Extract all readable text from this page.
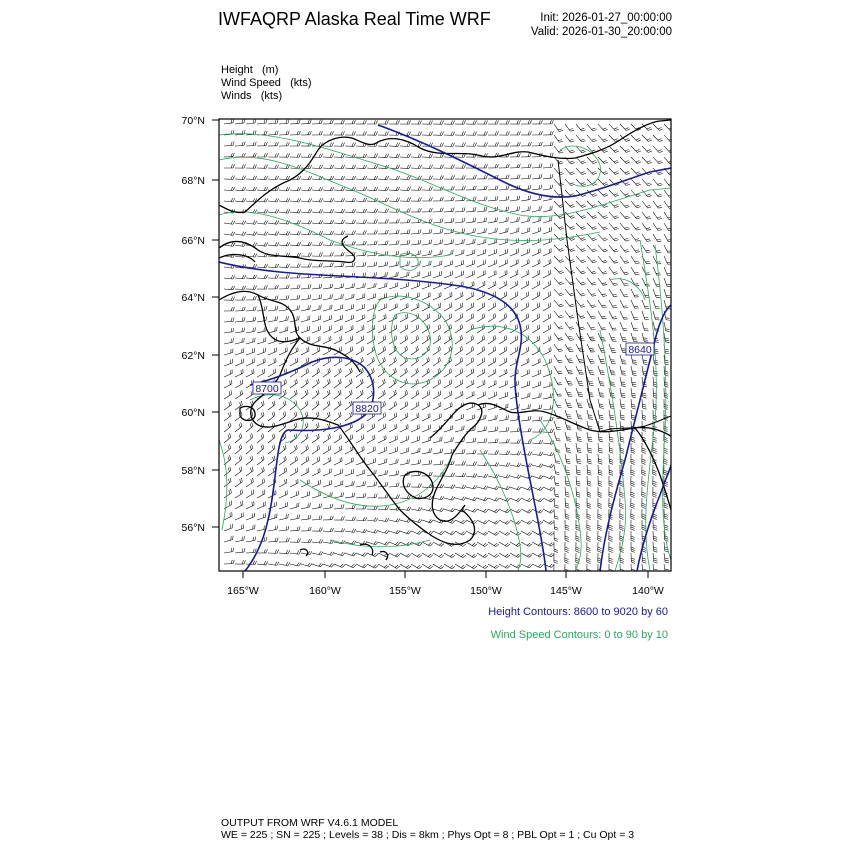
IWFAQRP Alaska Real Time WRF	Init: 2026-01-27_00:00:00
Valid: 2026-01-30_20:00:00
Height (m)
Wind Speed (kts)
Winds (kts)
8700
8820
8640
70°N
68°N
66°N
64°N
62°N
60°N
58°N
56°N
165°W	160°W	155°W	150°W	145°W	140°W
Height Contours: 8600 to 9020 by 60
Wind Speed Contours: 0 to 90 by 10
OUTPUT FROM WRF V4.6.1 MODEL
WE = 225 ; SN = 225 ; Levels = 38 ; Dis = 8km ; Phys Opt = 8 ; PBL Opt = 1 ; Cu Opt = 3
